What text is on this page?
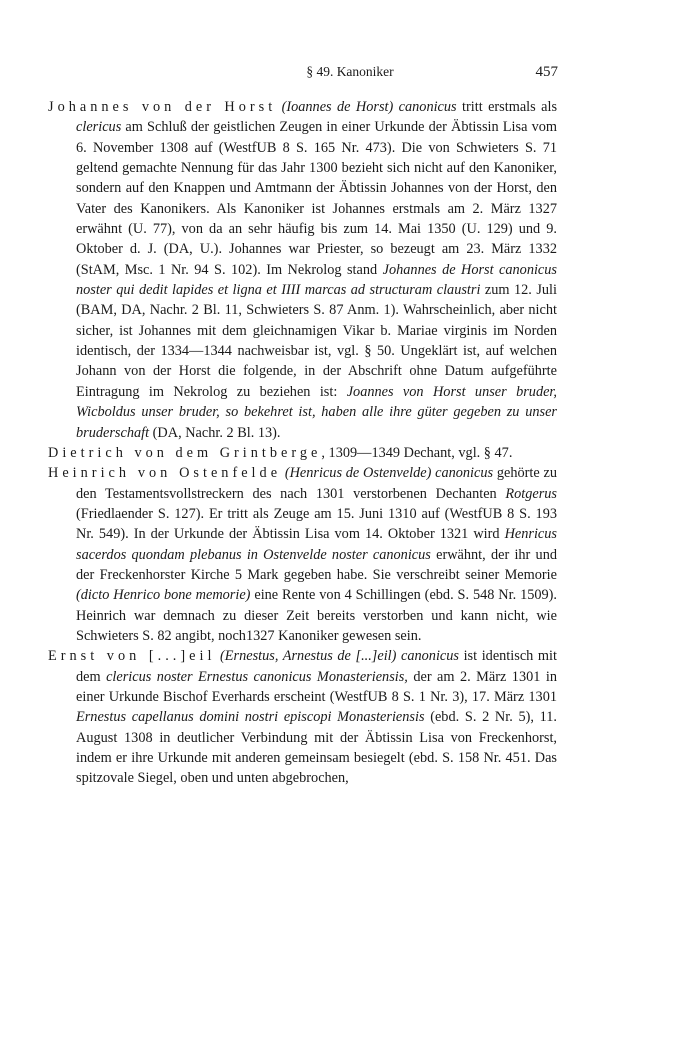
§ 49. Kanoniker	457

Johannes von der Horst (Ioannes de Horst) canonicus tritt erstmals als clericus am Schluß der geistlichen Zeugen in einer Urkunde der Äbtissin Lisa vom 6. November 1308 auf (WestfUB 8 S. 165 Nr. 473). Die von Schwieters S. 71 geltend gemachte Nennung für das Jahr 1300 bezieht sich nicht auf den Kanoniker, sondern auf den Knappen und Amtmann der Äbtissin Johannes von der Horst, den Vater des Kanonikers. Als Kanoniker ist Johannes erstmals am 2. März 1327 erwähnt (U. 77), von da an sehr häufig bis zum 14. Mai 1350 (U. 129) und 9. Oktober d. J. (DA, U.). Johannes war Priester, so bezeugt am 23. März 1332 (StAM, Msc. 1 Nr. 94 S. 102). Im Nekrolog stand Johannes de Horst canonicus noster qui dedit lapides et ligna et IIII marcas ad structuram claustri zum 12. Juli (BAM, DA, Nachr. 2 Bl. 11, Schwieters S. 87 Anm. 1). Wahrscheinlich, aber nicht sicher, ist Johannes mit dem gleichnamigen Vikar b. Mariae virginis im Norden identisch, der 1334—1344 nachweisbar ist, vgl. § 50. Ungeklärt ist, auf welchen Johann von der Horst die folgende, in der Abschrift ohne Datum aufgeführte Eintragung im Nekrolog zu beziehen ist: Joannes von Horst unser bruder, Wicboldus unser bruder, so bekehret ist, haben alle ihre güter gegeben zu unser bruderschaft (DA, Nachr. 2 Bl. 13).

Dietrich von dem Grintberge, 1309—1349 Dechant, vgl. § 47.

Heinrich von Ostenfelde (Henricus de Ostenvelde) canonicus gehörte zu den Testamentsvollstreckern des nach 1301 verstorbenen Dechanten Rotgerus (Friedlaender S. 127). Er tritt als Zeuge am 15. Juni 1310 auf (WestfUB 8 S. 193 Nr. 549). In der Urkunde der Äbtissin Lisa vom 14. Oktober 1321 wird Henricus sacerdos quondam plebanus in Ostenvelde noster canonicus erwähnt, der ihr und der Freckenhorster Kirche 5 Mark gegeben habe. Sie verschreibt seiner Memorie (dicto Henrico bone memorie) eine Rente von 4 Schillingen (ebd. S. 548 Nr. 1509). Heinrich war demnach zu dieser Zeit bereits verstorben und kann nicht, wie Schwieters S. 82 angibt, noch1327 Kanoniker gewesen sein.

Ernst von [...]eil (Ernestus, Arnestus de [...]eil) canonicus ist identisch mit dem clericus noster Ernestus canonicus Monasteriensis, der am 2. März 1301 in einer Urkunde Bischof Everhards erscheint (WestfUB 8 S. 1 Nr. 3), 17. März 1301 Ernestus capellanus domini nostri episcopi Monasteriensis (ebd. S. 2 Nr. 5), 11. August 1308 in deutlicher Verbindung mit der Äbtissin Lisa von Freckenhorst, indem er ihre Urkunde mit anderen gemeinsam besiegelt (ebd. S. 158 Nr. 451. Das spitzovale Siegel, oben und unten abgebrochen,
